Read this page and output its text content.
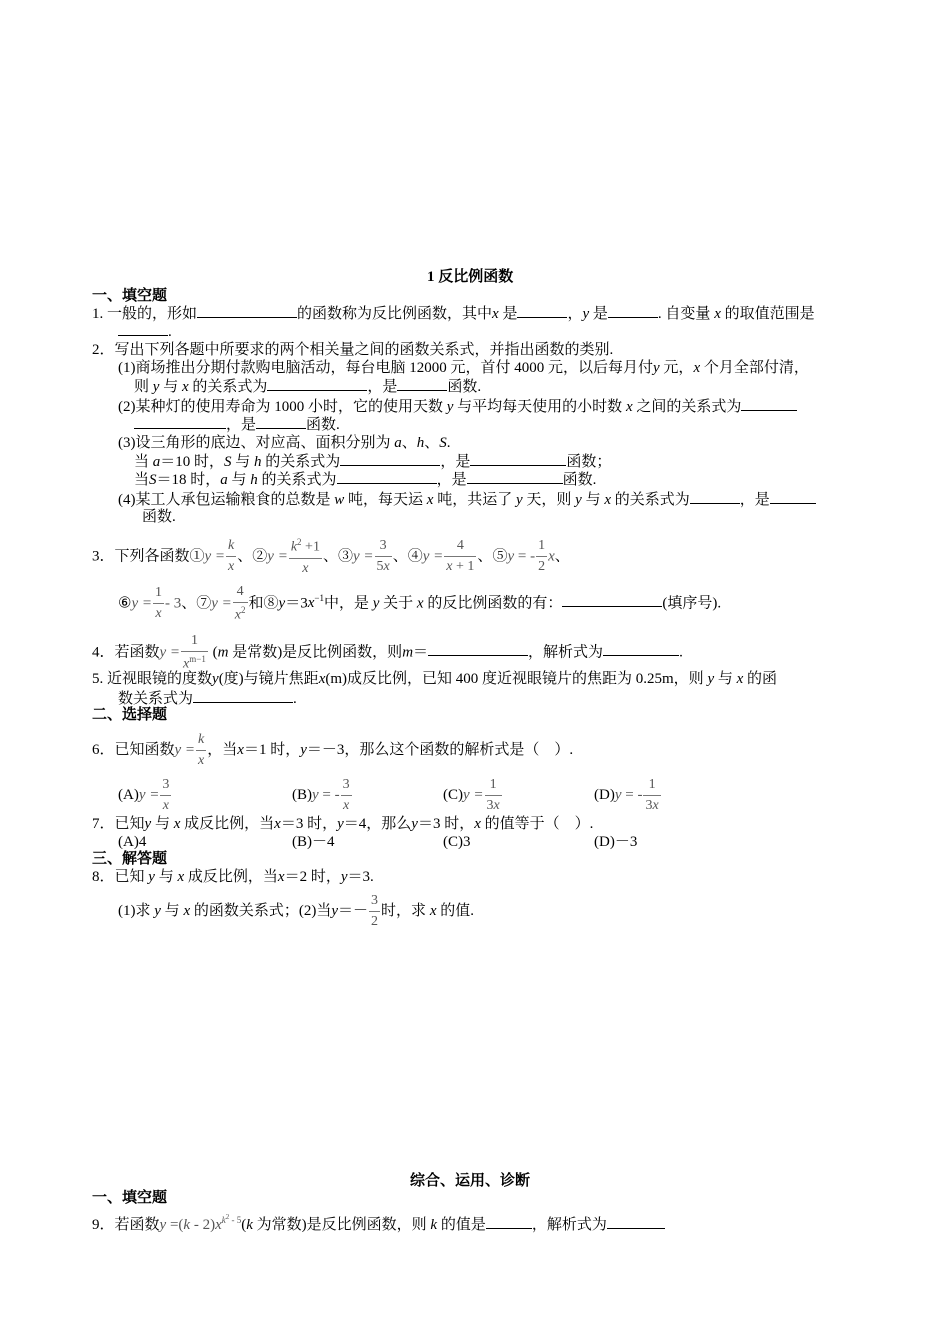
1 反比例函数
一、填空题
1. 一般的，形如	的函数称为反比例函数，其中x 是	，y 是	. 自变量 x 的取值范围是
.
2．写出下列各题中所要求的两个相关量之间的函数关系式，并指出函数的类别.
(1)商场推出分期付款购电脑活动，每台电脑 12000 元，首付 4000 元，以后每月付y 元，x 个月全部付清，
则 y 与 x 的关系式为	，是	函数.
(2)某种灯的使用寿命为 1000 小时，它的使用天数 y 与平均每天使用的小时数 x 之间的关系式为
，是	函数.
(3)设三角形的底边、对应高、面积分别为 a、h、S.
当 a＝10 时，S 与 h 的关系式为	，是	函数；
当S＝18 时，a 与 h 的关系式为	，是	函数.
(4)某工人承包运输粮食的总数是 w 吨，每天运 x 吨，共运了 y 天，则 y 与 x 的关系式为	，是
函数.
3．下列各函数①y = $\frac{k}{x}$ 、②y = $\frac{k^2 +1}{x}$ 、③y = $\frac{3}{5x}$ 、④y = $\frac{4}{x + 1}$ 、⑤y = - $\frac{1}{2}$ x、
⑥y = $\frac{1}{x} - 3$、⑦y = $\frac{4}{x^2}$ 和$⑧y=3x^{-1}$中，是 y 关于 x 的反比例函数的有：	(填序号).
4．若函数$y = \frac{1}{x^{m-1}} (m$ 是常数)是反比例函数，则m＝	，解析式为	.
5. 近视眼镜的度数y(度)与镜片焦距x(m)成反比例，已知 400 度近视眼镜片的焦距为 0.25m，则 y 与 x 的函
数关系式为	.
二、选择题
6．已知函数$y = \frac{k}{x}$ ，当x＝1 时，y＝－3，那么这个函数的解析式是（　）.
$(A)y = \frac{3}{x}$	(B)y = - $\frac{3}{x}$	$(C)y = \frac{1}{3x}$	(D)y = - $\frac{1}{3x}$
7．已知y 与 x 成反比例，当x＝3 时，y＝4，那么y＝3 时，x 的值等于（　）.
(A)4	(B)－4	(C)3	(D)－3
三、解答题
8．已知 y 与 x 成反比例，当x＝2 时，y＝3.
(1)求 y 与 x 的函数关系式；(2)当$y=- \frac{3}{2}$ 时，求 x 的值.
综合、运用、诊断
一、填空题
9．若函数$y =(k - 2)x^{k^2 - 5}(k$ 为常数)是反比例函数，则 k 的值是	，解析式为
